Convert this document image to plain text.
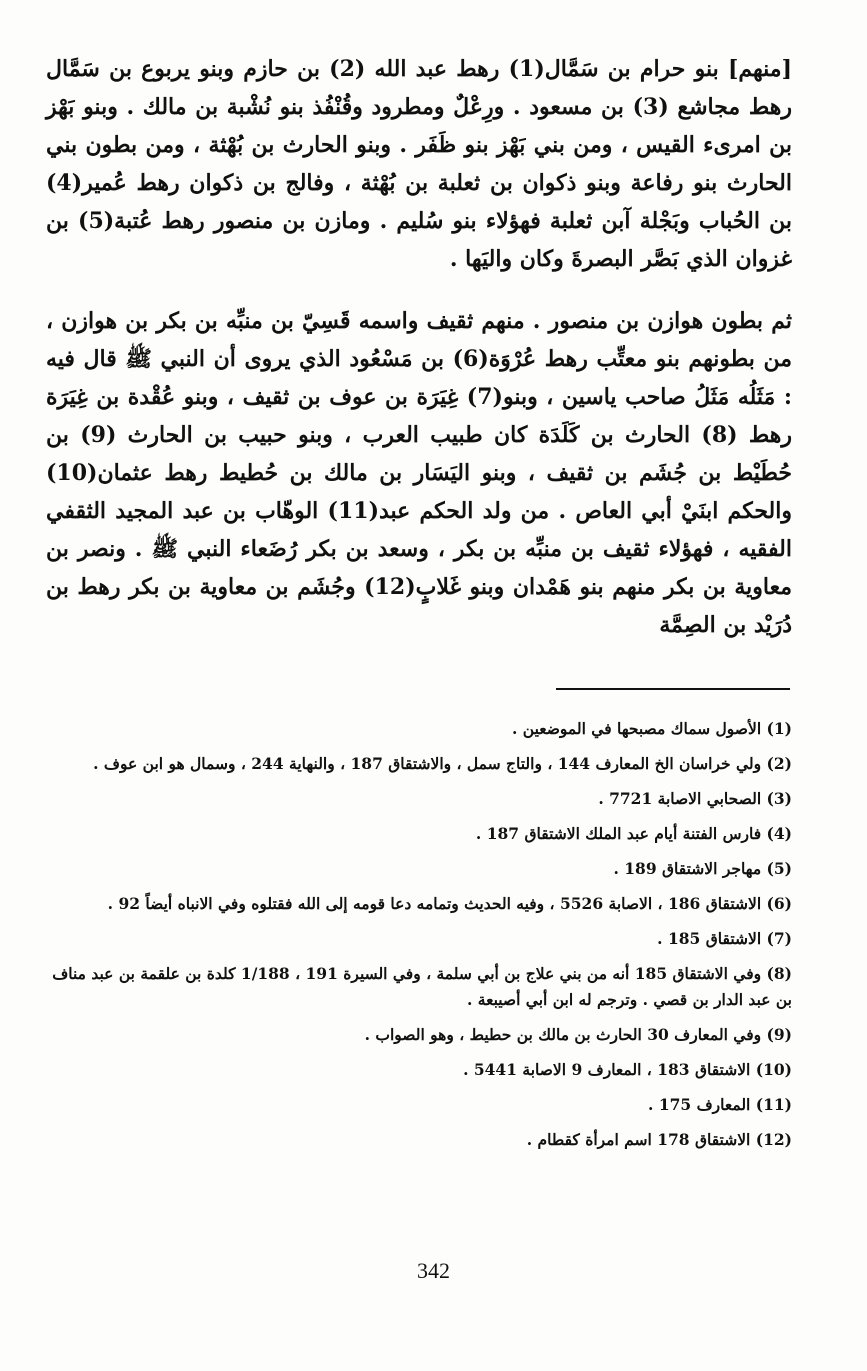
[منهم] بنو حرام بن سَمَّال(1) رهط عبد الله (2) بن حازم وبنو يربوع بن سَمَّال رهط مجاشع (3) بن مسعود . ورِعْلٌ ومطرود وقُنْفُذ بنو نُشْبة بن مالك . وبنو بَهْز بن امرىء القيس ، ومن بني بَهْز بنو ظَفَر . وبنو الحارث بن بُهْثة ، ومن بطون بني الحارث بنو رفاعة وبنو ذكوان بن ثعلبة بن بُهْثة ، وفالج بن ذكوان رهط عُمير(4) بن الحُباب وبَجْلة آبن ثعلبة فهؤلاء بنو سُليم . ومازن بن منصور رهط عُتبة(5) بن غزوان الذي بَصَّر البصرةَ وكان واليَها .

ثم بطون هوازن بن منصور . منهم ثقيف واسمه قَسِيّ بن منبِّه بن بكر بن هوازن ، من بطونهم بنو معتِّب رهط عُرْوَة(6) بن مَسْعُود الذي يروى أن النبي ﷺ قال فيه : مَثَلُه مَثَلُ صاحب ياسين ، وبنو(7) غِيَرَة بن عوف بن ثقيف ، وبنو عُقْدة بن غِيَرَة رهط (8) الحارث بن كَلَدَة كان طبيب العرب ، وبنو حبيب بن الحارث (9) بن حُطَيْط بن جُشَم بن ثقيف ، وبنو اليَسَار بن مالك بن حُطيط رهط عثمان(10) والحكم ابنَيْ أبي العاص . من ولد الحكم عبد(11) الوهّاب بن عبد المجيد الثقفي الفقيه ، فهؤلاء ثقيف بن منبِّه بن بكر ، وسعد بن بكر رُضَعاء النبي ﷺ . ونصر بن معاوية بن بكر منهم بنو هَمْدان وبنو غَلابٍ(12) وجُشَم بن معاوية بن بكر رهط بن دُرَيْد بن الصِمَّة

(1) الأصول سماك مصبحها في الموضعين .
(2) ولي خراسان الخ المعارف 144 ، والتاج سمل ، والاشتقاق 187 ، والنهاية 244 ، وسمال هو ابن عوف .
(3) الصحابي الاصابة 7721 .
(4) فارس الفتنة أيام عبد الملك الاشتقاق 187 .
(5) مهاجر الاشتقاق 189 .
(6) الاشتقاق 186 ، الاصابة 5526 ، وفيه الحديث وتمامه دعا قومه إلى الله فقتلوه وفي الانباه أيضاً 92 .
(7) الاشتقاق 185 .
(8) وفي الاشتقاق 185 أنه من بني علاج بن أبي سلمة ، وفي السيرة 191 ، 1/188 كلدة بن علقمة بن عبد مناف بن عبد الدار بن قصي . وترجم له ابن أبي أصيبعة .
(9) وفي المعارف 30 الحارث بن مالك بن حطيط ، وهو الصواب .
(10) الاشتقاق 183 ، المعارف 9 الاصابة 5441 .
(11) المعارف 175 .
(12) الاشتقاق 178 اسم امرأة كقطام .
342
